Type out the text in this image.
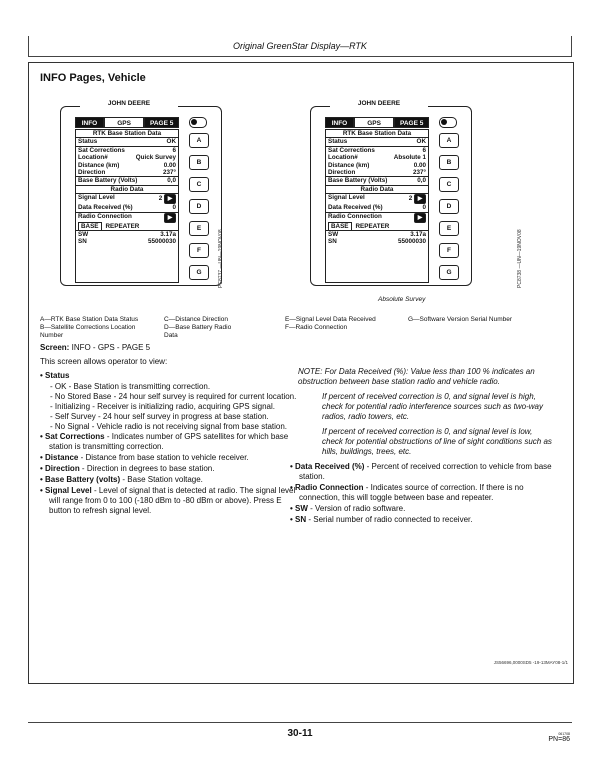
Original GreenStar Display—RTK
INFO Pages, Vehicle
INFO	GPS	PAGE 5
RTK Base Station Data
Status	OK
Sat Corrections	6
Location#	Quick Survey
Distance (km)	0.00
Direction	237°
Base Battery (Volts)	0,0
Radio Data
Signal Level	2 ▶
Data Received (%)	0
Radio Connection	▶
BASE REPEATER
SW	3.17a
SN	55000030
A
B
C
D
E
F
G
JOHN DEERE
PC8737 —UN—19NOV08
INFO	GPS	PAGE 5
RTK Base Station Data
Status	OK
Sat Corrections	6
Location#	Absolute 1
Distance (km)	0.00
Direction	237°
Base Battery (Volts)	0,0
Radio Data
Signal Level	2 ▶
Data Received (%)	0
Radio Connection	▶
BASE REPEATER
SW	3.17a
SN	55000030
A
B
C
D
E
F
G
JOHN DEERE
PC8738 —UN—19NOV08
Absolute Survey
A—RTK Base Station Data Status
B—Satellite Corrections Location Number
C—Distance Direction
D—Base Battery Radio Data
E—Signal Level Data Received
F—Radio Connection
G—Software Version Serial Number

Screen: INFO - GPS - PAGE 5

This screen allows operator to view:

• Status
- OK - Base Station is transmitting correction.
- No Stored Base - 24 hour self survey is required for current location.
- Initializing - Receiver is initializing radio, acquiring GPS signal.
- Self Survey - 24 hour self survey in progress at base station.
- No Signal - Vehicle radio is not receiving signal from base station.
• Sat Corrections - Indicates number of GPS satellites for which base station is transmitting correction.
• Distance - Distance from base station to vehicle receiver.
• Direction - Direction in degrees to base station.
• Base Battery (volts) - Base Station voltage.
• Signal Level - Level of signal that is detected at radio. The signal level will range from 0 to 100 (-180 dBm to -80 dBm or above). Press E button to refresh signal level.

NOTE: For Data Received (%): Value less than 100 % indicates an obstruction between base station radio and vehicle radio.

If percent of received correction is 0, and signal level is high, check for potential radio interference sources such as two-way radios, radio towers, etc.

If percent of received correction is 0, and signal level is low, check for potential obstructions of line of sight conditions such as hills, buildings, trees, etc.

• Data Received (%) - Percent of received correction to vehicle from base station.
• Radio Connection - Indicates source of correction. If there is no connection, this will toggle between base and repeater.
• SW - Version of radio software.
• SN - Serial number of radio connected to receiver.
JS56696,0000SD5 -19-13MAY08-1/1
30-11	061708
PN=86
